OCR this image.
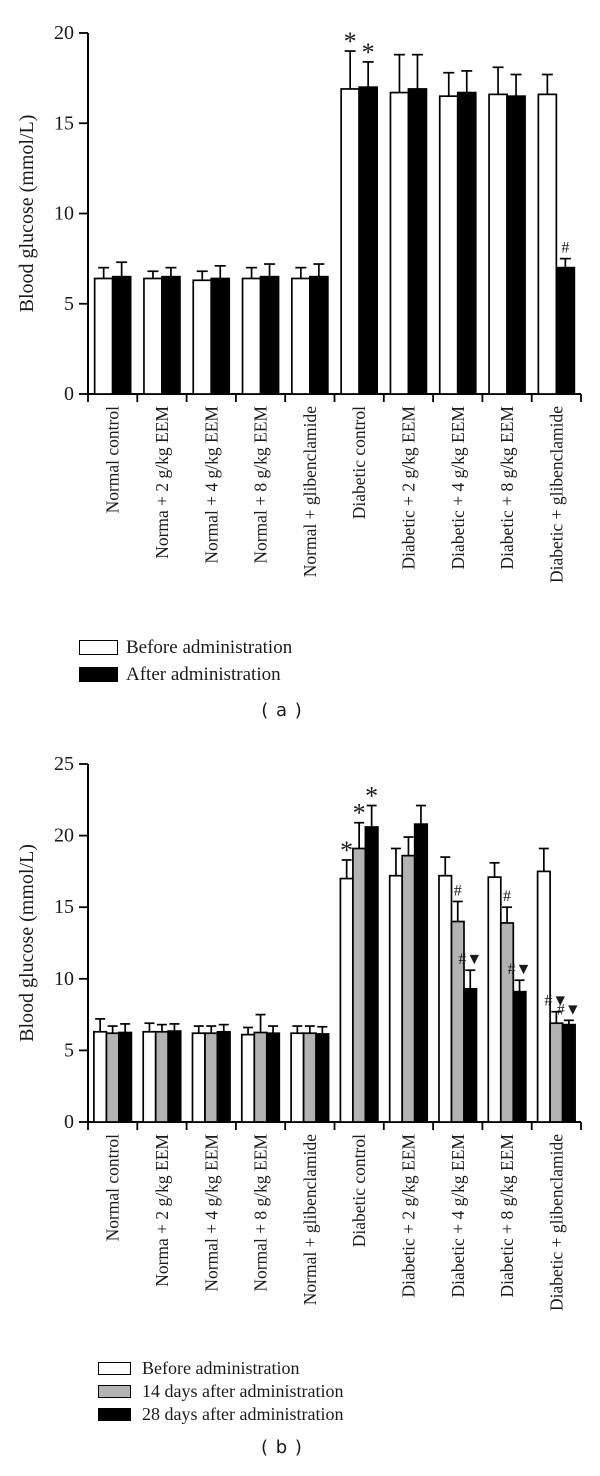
0
5
10
15
20
Blood glucose (mmol/L)
Normal control Norma + 2 g/kg EEM Normal + 4 g/kg EEM Normal + 8 g/kg EEM Normal + glibenclamide Diabetic control
* *
Diabetic + 2 g/kg EEM Diabetic + 4 g/kg EEM Diabetic + 8 g/kg EEM Diabetic + glibenclamide
#
Before administration
After administration
( a )
0
5
10
15
20
25
Blood glucose (mmol/L)
Normal control Norma + 2 g/kg EEM Normal + 4 g/kg EEM Normal + 8 g/kg EEM Normal + glibenclamide Diabetic control
*
*
*
Diabetic + 2 g/kg EEM Diabetic + 4 g/kg EEM
#
#▼
Diabetic + 8 g/kg EEM
#
#▼
Diabetic + glibenclamide
#▼
#▼
Before administration
14 days after administration
28 days after administration
( b )
